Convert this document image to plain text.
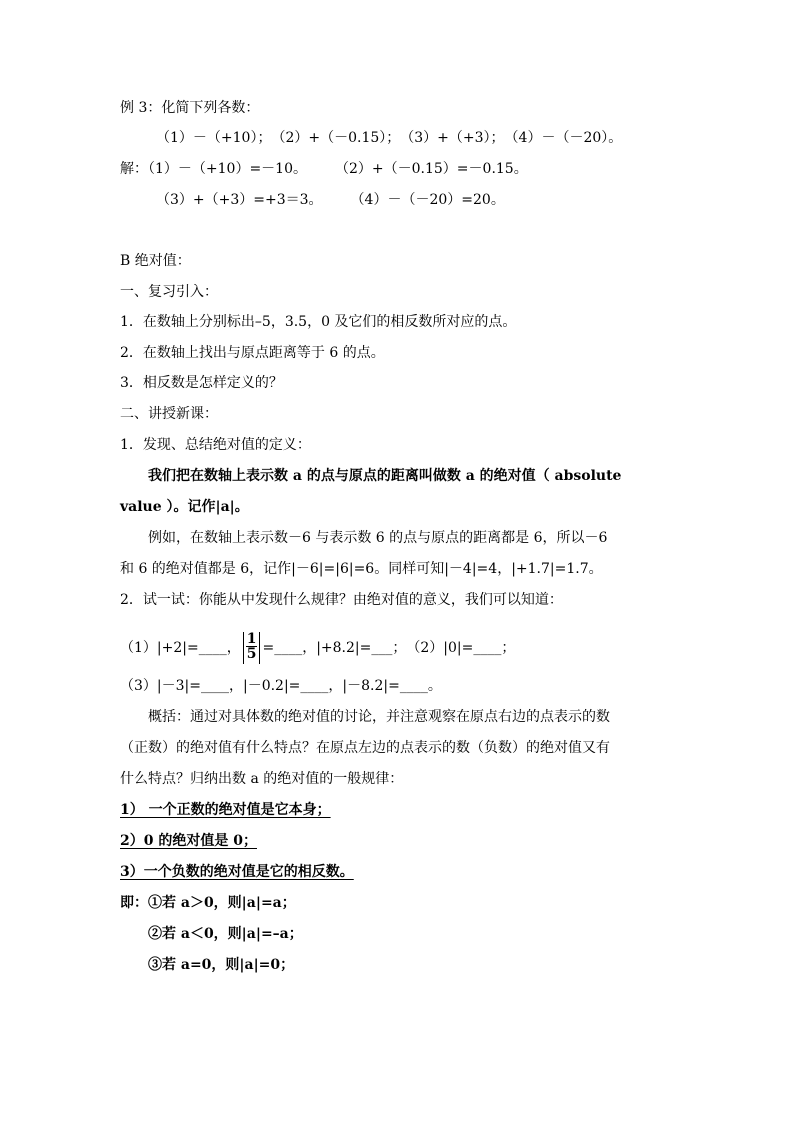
例 3：化简下列各数：
（1）－（+10）；　（2）+（－0.15）；　（3）+（+3）；　（4）－（－20）。
解：（1）－（+10）=－10。　　　（2）+（－0.15）=－0.15。
（3）+（+3）=+3＝3。　　　（4）－（－20）=20。
B 绝对值：
一、复习引入：
1．在数轴上分别标出–5，3.5，0 及它们的相反数所对应的点。
2．在数轴上找出与原点距离等于 6 的点。
3．相反数是怎样定义的？
二、讲授新课：
1．发现、总结绝对值的定义：
我们把在数轴上表示数 a 的点与原点的距离叫做数 a 的绝对值（ absolute
value ）。记作|a|。
例如，在数轴上表示数－6 与表示数 6 的点与原点的距离都是 6，所以－6
和 6 的绝对值都是 6，记作|－6|=|6|=6。同样可知|－4|=4，|+1.7|=1.7。
2．试一试：你能从中发现什么规律？由绝对值的意义，我们可以知道：
（1）|+2|=____， $\frac{1}{5}$ =____，|+8.2|=___；　（2）|0|=____；
（3）|－3|=____，|－0.2|=____，|－8.2|=____。
概括：通过对具体数的绝对值的讨论，并注意观察在原点右边的点表示的数
（正数）的绝对值有什么特点？在原点左边的点表示的数（负数）的绝对值又有
什么特点？归纳出数 a 的绝对值的一般规律：
1） 一个正数的绝对值是它本身；
2）0 的绝对值是 0；
3）一个负数的绝对值是它的相反数。
即：①若 a＞0，则|a|=a；
②若 a＜0，则|a|=–a；
③若 a=0，则|a|=0；
